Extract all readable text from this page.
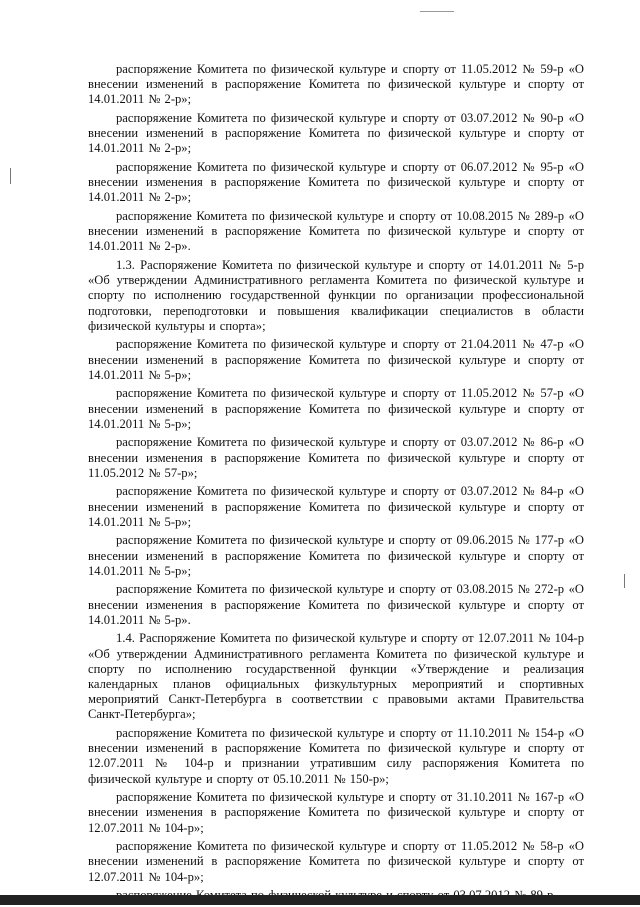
распоряжение Комитета по физической культуре и спорту от 11.05.2012 № 59-р «О внесении изменений в распоряжение Комитета по физической культуре и спорту от 14.01.2011 № 2-р»;

распоряжение Комитета по физической культуре и спорту от 03.07.2012 № 90-р «О внесении изменений в распоряжение Комитета по физической культуре и спорту от 14.01.2011 № 2-р»;

распоряжение Комитета по физической культуре и спорту от 06.07.2012 № 95-р «О внесении изменения в распоряжение Комитета по физической культуре и спорту от 14.01.2011 № 2-р»;

распоряжение Комитета по физической культуре и спорту от 10.08.2015 № 289-р «О внесении изменений в распоряжение Комитета по физической культуре и спорту от 14.01.2011 № 2-р».

1.3. Распоряжение Комитета по физической культуре и спорту от 14.01.2011 № 5-р «Об утверждении Административного регламента Комитета по физической культуре и спорту по исполнению государственной функции по организации профессиональной подготовки, переподготовки и повышения квалификации специалистов в области физической культуры и спорта»;

распоряжение Комитета по физической культуре и спорту от 21.04.2011 № 47-р «О внесении изменений в распоряжение Комитета по физической культуре и спорту от 14.01.2011 № 5-р»;

распоряжение Комитета по физической культуре и спорту от 11.05.2012 № 57-р «О внесении изменений в распоряжение Комитета по физической культуре и спорту от 14.01.2011 № 5-р»;

распоряжение Комитета по физической культуре и спорту от 03.07.2012 № 86-р «О внесении изменения в распоряжение Комитета по физической культуре и спорту от 11.05.2012 № 57-р»;

распоряжение Комитета по физической культуре и спорту от 03.07.2012 № 84-р «О внесении изменений в распоряжение Комитета по физической культуре и спорту от 14.01.2011 № 5-р»;

распоряжение Комитета по физической культуре и спорту от 09.06.2015 № 177-р «О внесении изменений в распоряжение Комитета по физической культуре и спорту от 14.01.2011 № 5-р»;

распоряжение Комитета по физической культуре и спорту от 03.08.2015 № 272-р «О внесении изменения в распоряжение Комитета по физической культуре и спорту от 14.01.2011 № 5-р».

1.4. Распоряжение Комитета по физической культуре и спорту от 12.07.2011 № 104-р «Об утверждении Административного регламента Комитета по физической культуре и спорту по исполнению государственной функции «Утверждение и реализация календарных планов официальных физкультурных мероприятий и спортивных мероприятий Санкт-Петербурга в соответствии с правовыми актами Правительства Санкт-Петербурга»;

распоряжение Комитета по физической культуре и спорту от 11.10.2011 № 154-р «О внесении изменений в распоряжение Комитета по физической культуре и спорту от 12.07.2011 № 104-р и признании утратившим силу распоряжения Комитета по физической культуре и спорту от 05.10.2011 № 150-р»;

распоряжение Комитета по физической культуре и спорту от 31.10.2011 № 167-р «О внесении изменения в распоряжение Комитета по физической культуре и спорту от 12.07.2011 № 104-р»;

распоряжение Комитета по физической культуре и спорту от 11.05.2012 № 58-р «О внесении изменений в распоряжение Комитета по физической культуре и спорту от 12.07.2011 № 104-р»;
